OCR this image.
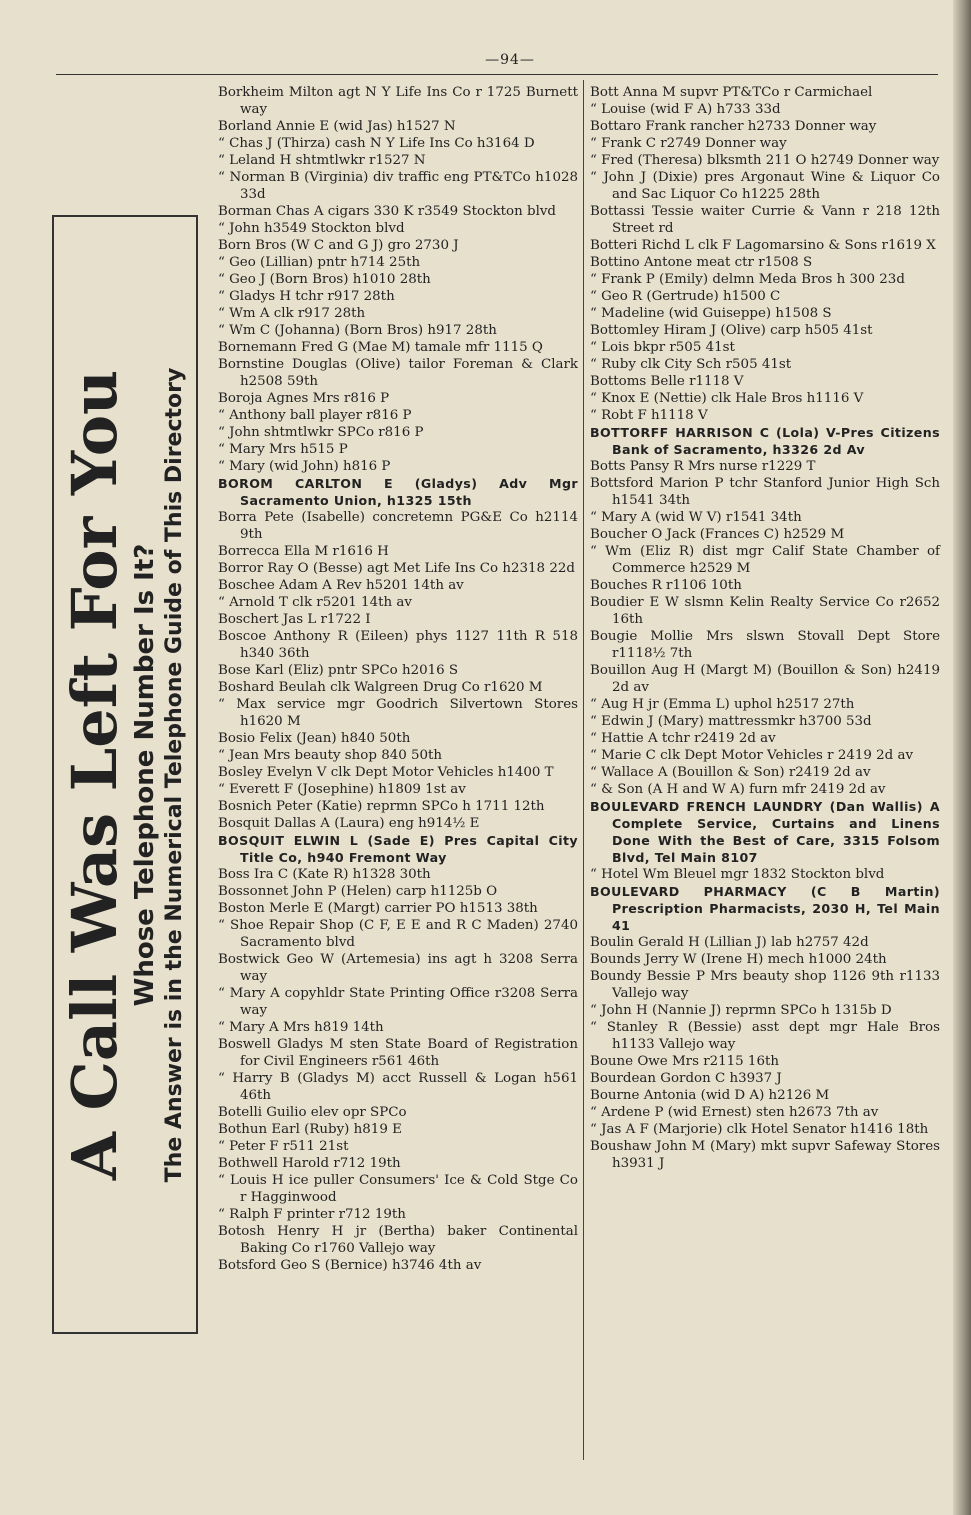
—94—
A Call Was Left For You Whose Telephone Number Is It? The Answer is in the Numerical Telephone Guide of This Directory
Borkheim Milton agt N Y Life Ins Co r 1725 Burnett way
Borland Annie E (wid Jas) h1527 N
“ Chas J (Thirza) cash N Y Life Ins Co h3164 D
“ Leland H shtmtlwkr r1527 N
“ Norman B (Virginia) div traffic eng PT&TCo h1028 33d
Borman Chas A cigars 330 K r3549 Stockton blvd
“ John h3549 Stockton blvd
Born Bros (W C and G J) gro 2730 J
“ Geo (Lillian) pntr h714 25th
“ Geo J (Born Bros) h1010 28th
“ Gladys H tchr r917 28th
“ Wm A clk r917 28th
“ Wm C (Johanna) (Born Bros) h917 28th
Bornemann Fred G (Mae M) tamale mfr 1115 Q
Bornstine Douglas (Olive) tailor Foreman & Clark h2508 59th
Boroja Agnes Mrs r816 P
“ Anthony ball player r816 P
“ John shtmtlwkr SPCo r816 P
“ Mary Mrs h515 P
“ Mary (wid John) h816 P
BOROM CARLTON E (Gladys) Adv Mgr Sacramento Union, h1325 15th
Borra Pete (Isabelle) concretemn PG&E Co h2114 9th
Borrecca Ella M r1616 H
Borror Ray O (Besse) agt Met Life Ins Co h2318 22d
Boschee Adam A Rev h5201 14th av
“ Arnold T clk r5201 14th av
Boschert Jas L r1722 I
Boscoe Anthony R (Eileen) phys 1127 11th R 518 h340 36th
Bose Karl (Eliz) pntr SPCo h2016 S
Boshard Beulah clk Walgreen Drug Co r1620 M
“ Max service mgr Goodrich Silvertown Stores h1620 M
Bosio Felix (Jean) h840 50th
“ Jean Mrs beauty shop 840 50th
Bosley Evelyn V clk Dept Motor Vehicles h1400 T
“ Everett F (Josephine) h1809 1st av
Bosnich Peter (Katie) reprmn SPCo h 1711 12th
Bosquit Dallas A (Laura) eng h914½ E
BOSQUIT ELWIN L (Sade E) Pres Capital City Title Co, h940 Fremont Way
Boss Ira C (Kate R) h1328 30th
Bossonnet John P (Helen) carp h1125b O
Boston Merle E (Margt) carrier PO h1513 38th
“ Shoe Repair Shop (C F, E E and R C Maden) 2740 Sacramento blvd
Bostwick Geo W (Artemesia) ins agt h 3208 Serra way
“ Mary A copyhldr State Printing Office r3208 Serra way
“ Mary A Mrs h819 14th
Boswell Gladys M sten State Board of Registration for Civil Engineers r561 46th
“ Harry B (Gladys M) acct Russell & Logan h561 46th
Botelli Guilio elev opr SPCo
Bothun Earl (Ruby) h819 E
“ Peter F r511 21st
Bothwell Harold r712 19th
“ Louis H ice puller Consumers' Ice & Cold Stge Co r Hagginwood
“ Ralph F printer r712 19th
Botosh Henry H jr (Bertha) baker Continental Baking Co r1760 Vallejo way
Botsford Geo S (Bernice) h3746 4th av
Bott Anna M supvr PT&TCo r Carmichael
“ Louise (wid F A) h733 33d
Bottaro Frank rancher h2733 Donner way
“ Frank C r2749 Donner way
“ Fred (Theresa) blksmth 211 O h2749 Donner way
“ John J (Dixie) pres Argonaut Wine & Liquor Co and Sac Liquor Co h1225 28th
Bottassi Tessie waiter Currie & Vann r 218 12th Street rd
Botteri Richd L clk F Lagomarsino & Sons r1619 X
Bottino Antone meat ctr r1508 S
“ Frank P (Emily) delmn Meda Bros h 300 23d
“ Geo R (Gertrude) h1500 C
“ Madeline (wid Guiseppe) h1508 S
Bottomley Hiram J (Olive) carp h505 41st
“ Lois bkpr r505 41st
“ Ruby clk City Sch r505 41st
Bottoms Belle r1118 V
“ Knox E (Nettie) clk Hale Bros h1116 V
“ Robt F h1118 V
BOTTORFF HARRISON C (Lola) V-Pres Citizens Bank of Sacramento, h3326 2d Av
Botts Pansy R Mrs nurse r1229 T
Bottsford Marion P tchr Stanford Junior High Sch h1541 34th
“ Mary A (wid W V) r1541 34th
Boucher O Jack (Frances C) h2529 M
“ Wm (Eliz R) dist mgr Calif State Chamber of Commerce h2529 M
Bouches R r1106 10th
Boudier E W slsmn Kelin Realty Service Co r2652 16th
Bougie Mollie Mrs slswn Stovall Dept Store r1118½ 7th
Bouillon Aug H (Margt M) (Bouillon & Son) h2419 2d av
“ Aug H jr (Emma L) uphol h2517 27th
“ Edwin J (Mary) mattressmkr h3700 53d
“ Hattie A tchr r2419 2d av
“ Marie C clk Dept Motor Vehicles r 2419 2d av
“ Wallace A (Bouillon & Son) r2419 2d av
“ & Son (A H and W A) furn mfr 2419 2d av
BOULEVARD FRENCH LAUNDRY (Dan Wallis) A Complete Service, Curtains and Linens Done With the Best of Care, 3315 Folsom Blvd, Tel Main 8107
“ Hotel Wm Bleuel mgr 1832 Stockton blvd
BOULEVARD PHARMACY (C B Martin) Prescription Pharmacists, 2030 H, Tel Main 41
Boulin Gerald H (Lillian J) lab h2757 42d
Bounds Jerry W (Irene H) mech h1000 24th
Boundy Bessie P Mrs beauty shop 1126 9th r1133 Vallejo way
“ John H (Nannie J) reprmn SPCo h 1315b D
“ Stanley R (Bessie) asst dept mgr Hale Bros h1133 Vallejo way
Boune Owe Mrs r2115 16th
Bourdean Gordon C h3937 J
Bourne Antonia (wid D A) h2126 M
“ Ardene P (wid Ernest) sten h2673 7th av
“ Jas A F (Marjorie) clk Hotel Senator h1416 18th
Boushaw John M (Mary) mkt supvr Safeway Stores h3931 J
